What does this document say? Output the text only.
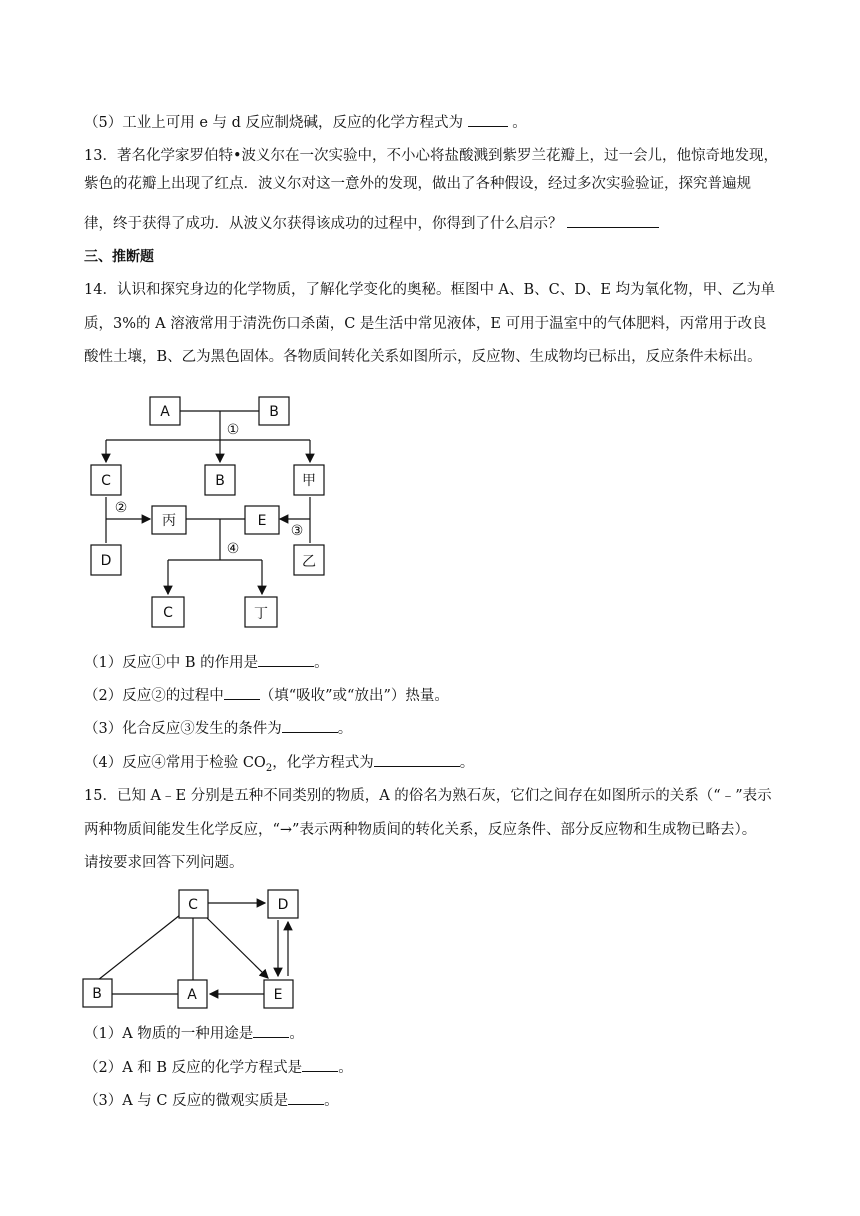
（5）工业上可用 e 与 d 反应制烧碱，反应的化学方程式为	。
13．著名化学家罗伯特•波义尔在一次实验中，不小心将盐酸溅到紫罗兰花瓣上，过一会儿，他惊奇地发现，
紫色的花瓣上出现了红点．波义尔对这一意外的发现，做出了各种假设，经过多次实验验证，探究普遍规
律，终于获得了成功．从波义尔获得该成功的过程中，你得到了什么启示？
三、推断题
14．认识和探究身边的化学物质，了解化学变化的奥秘。框图中 A、B、C、D、E 均为氧化物，甲、乙为单
质，3%的 A 溶液常用于清洗伤口杀菌，C 是生活中常见液体，E 可用于温室中的气体肥料，丙常用于改良
酸性土壤，B、乙为黑色固体。各物质间转化关系如图所示，反应物、生成物均已标出，反应条件未标出。
A	B
C	B	甲
丙	E
D	乙
C	丁
①
②
③
④
C	D
B	A	E
（1）反应①中 B 的作用是	。
（2）反应②的过程中 （填“吸收”或“放出”）热量。
（3）化合反应③发生的条件为	。
（4）反应④常用于检验 $CO_2$，化学方程式为	。
15．已知 A﹣E 分别是五种不同类别的物质，A 的俗名为熟石灰，它们之间存在如图所示的关系（“﹣”表示
两种物质间能发生化学反应，“→”表示两种物质间的转化关系，反应条件、部分反应物和生成物已略去）。
请按要求回答下列问题。
（1）A 物质的一种用途是 。
（2）A 和 B 反应的化学方程式是 。
（3）A 与 C 反应的微观实质是 。
